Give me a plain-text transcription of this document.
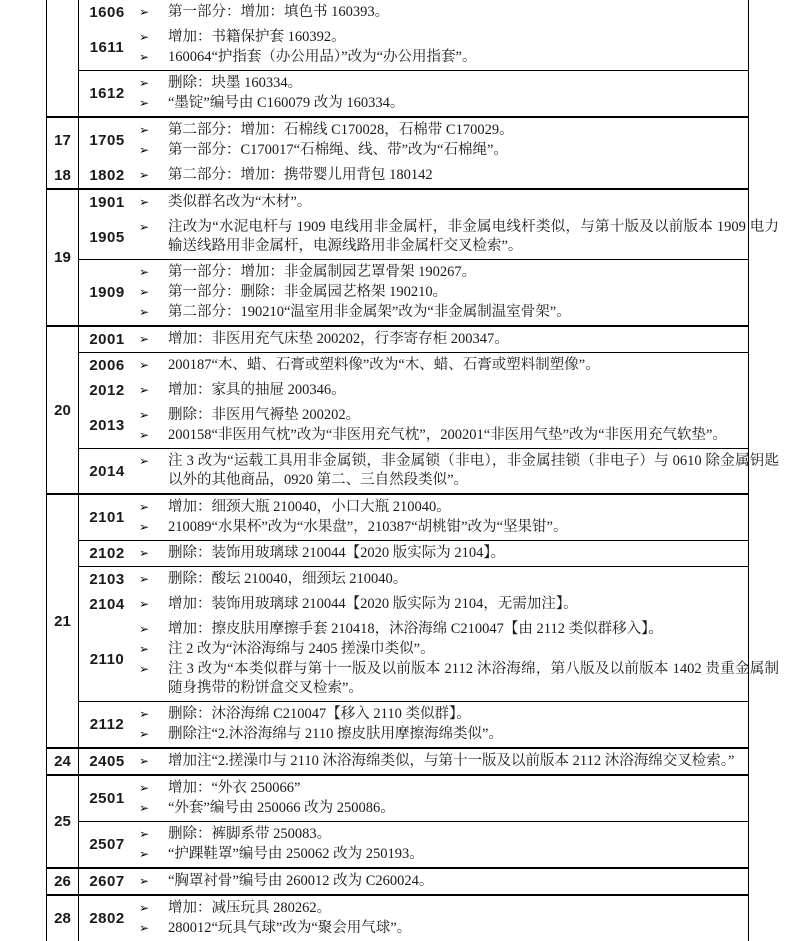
1606	➢	第一部分：增加：填色书 160393。
1611
➢	增加：书籍保护套 160392。
➢	160064“护指套（办公用品）”改为“办公用指套”。

	1612
➢ 删除：块墨 160334。
➢ “墨锭”编号由 C160079 改为 160334。

17	1705
➢ 第二部分：增加：石棉线 C170028，石棉带 C170029。
➢ 第一部分：C170017“石棉绳、线、带”改为“石棉绳”。

18	1802 ➢ 第二部分：增加：携带婴儿用背包 180142

19	
1901	➢	类似群名改为“木材”。
1905
➢	注改为“水泥电杆与 1909 电线用非金属杆，非金属电线杆类似，与第十版及以前版本 1909 电力输送线路用非金属杆，电源线路用非金属杆交叉检索”。

1909
➢	第一部分：增加：非金属制园艺罩骨架 190267。
➢	第一部分：删除：非金属园艺格架 190210。
➢	第二部分：190210“温室用非金属架”改为“非金属制温室骨架”。

20	2001 ➢ 增加：非医用充气床垫 200202，行李寄存柜 200347。

2006	➢	200187“木、蜡、石膏或塑料像”改为“木、蜡、石膏或塑料制塑像”。
2012	➢	增加：家具的抽屉 200346。
2013
➢	删除：非医用气褥垫 200202。
➢	200158“非医用气枕”改为“非医用充气枕”，200201“非医用气垫”改为“非医用充气软垫”。

	2014
➢ 注 3 改为“运载工具用非金属锁，非金属锁（非电），非金属挂锁（非电子）与 0610 除金属钥匙以外的其他商品，0920 第二、三自然段类似”。

21	2101
➢ 增加：细颈大瓶 210040，小口大瓶 210040。
➢ 210089“水果杯”改为“水果盘”，210387“胡桃钳”改为“坚果钳”。

	2102 ➢ 删除：装饰用玻璃球 210044【2020 版实际为 2104】。

2103	➢	删除：酸坛 210040，细颈坛 210040。
2104	➢	增加：装饰用玻璃球 210044【2020 版实际为 2104，无需加注】。
2110
➢	增加：擦皮肤用摩擦手套 210418，沐浴海绵 C210047【由 2112 类似群移入】。
➢	注 2 改为“沐浴海绵与 2405 搓澡巾类似”。
➢	注 3 改为“本类似群与第十一版及以前版本 2112 沐浴海绵，第八版及以前版本 1402 贵重金属制随身携带的粉饼盒交叉检索”。

	2112
➢ 删除：沐浴海绵 C210047【移入 2110 类似群】。
➢ 删除注“2.沐浴海绵与 2110 擦皮肤用摩擦海绵类似”。

24	2405 ➢ 增加注“2.搓澡巾与 2110 沐浴海绵类似，与第十一版及以前版本 2112 沐浴海绵交叉检索。”

25	2501
➢ 增加：“外衣 250066”
➢ “外套”编号由 250066 改为 250086。

	2507
➢ 删除：裤脚系带 250083。
➢ “护踝鞋罩”编号由 250062 改为 250193。

26	2607 ➢ “胸罩衬骨”编号由 260012 改为 C260024。

28	2802
➢ 增加：减压玩具 280262。
➢ 280012“玩具气球”改为“聚会用气球”。
